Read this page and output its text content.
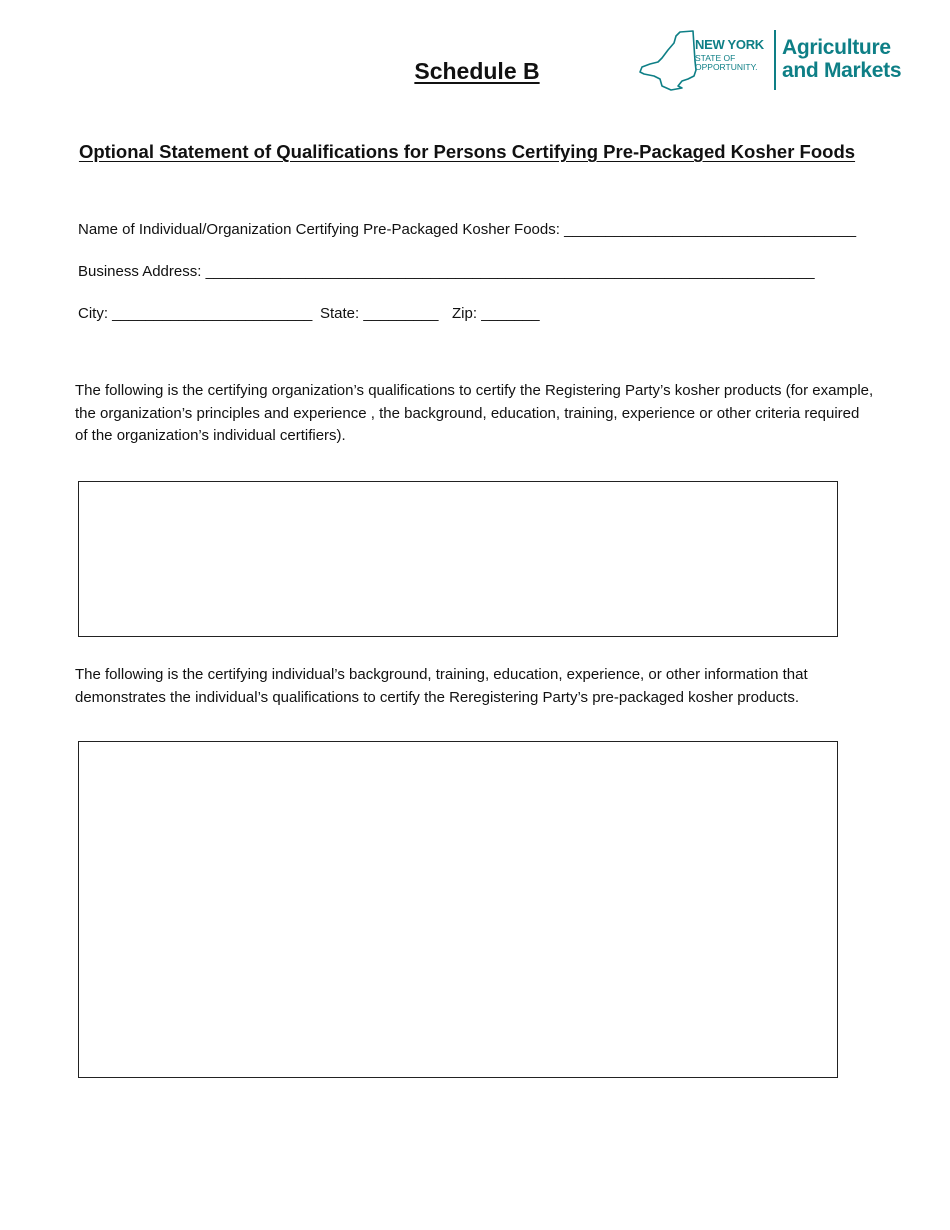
Schedule B
NEW YORK
STATE OF
OPPORTUNITY.
Agriculture
and Markets
Optional Statement of Qualifications for Persons Certifying Pre-Packaged Kosher Foods
Name of Individual/Organization Certifying Pre-Packaged Kosher Foods: ___________________________________
Business Address: _________________________________________________________________________
City: ________________________ State: _________ Zip: _______
The following is the certifying organization’s qualifications to certify the Registering Party’s kosher products (for example, the organization’s principles and experience , the background, education, training, experience or other criteria required of the organization’s individual certifiers).
The following is the certifying individual’s background, training, education, experience, or other information that demonstrates the individual’s qualifications to certify the Reregistering Party’s pre-packaged kosher products.
